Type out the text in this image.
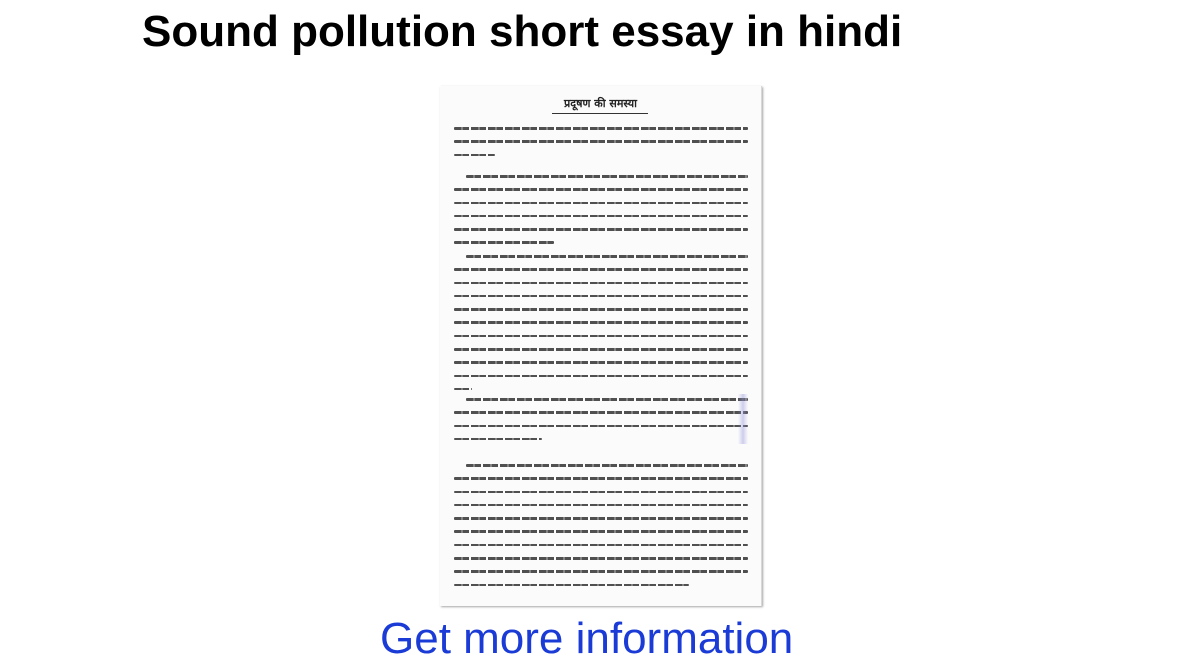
Sound pollution short essay in hindi
प्रदूषण की समस्या
Get more information
